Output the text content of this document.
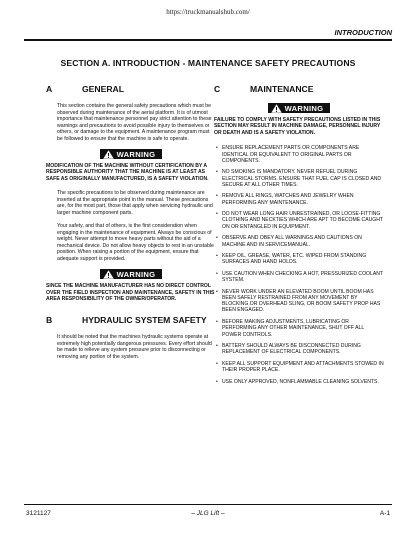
https://truckmanualshub.com/
INTRODUCTION
SECTION A. INTRODUCTION - MAINTENANCE SAFETY PRECAUTIONS
A	GENERAL

This section contains the general safety precautions which must be observed during maintenance of the aerial platform. It is of utmost importance that maintenance personnel pay strict attention to these warnings and precautions to avoid possible injury to themselves or others, or damage to the equipment. A maintenance program must be followed to ensure that the machine is safe to operate.

WARNING

MODIFICATION OF THE MACHINE WITHOUT CERTIFICATION BY A RESPONSIBLE AUTHORITY THAT THE MACHINE IS AT LEAST AS SAFE AS ORIGINALLY MANUFACTURED, IS A SAFETY VIOLATION.

The specific precautions to be observed during maintenance are inserted at the appropriate point in the manual. These precautions are, for the most part, those that apply when servicing hydraulic and larger machine component parts.

Your safety, and that of others, is the first consideration when engaging in the maintenance of equipment. Always be conscious of weight. Never attempt to move heavy parts without the aid of a mechanical device. Do not allow heavy objects to rest in an unstable position. When raising a portion of the equipment, ensure that adequate support is provided.

WARNING

SINCE THE MACHINE MANUFACTURER HAS NO DIRECT CONTROL OVER THE FIELD INSPECTION AND MAINTENANCE, SAFETY IN THIS AREA RESPONSIBILITY OF THE OWNER/OPERATOR.

B	HYDRAULIC SYSTEM SAFETY

It should be noted that the machines hydraulic systems operate at extremely high potentially dangerous pressures. Every effort should be made to relieve any system pressure prior to disconnecting or removing any portion of the system.

C	MAINTENANCE
WARNING

FAILURE TO COMPLY WITH SAFETY PRECAUTIONS LISTED IN THIS SECTION MAY RESULT IN MACHINE DAMAGE, PERSONNEL INJURY OR DEATH AND IS A SAFETY VIOLATION.

• ENSURE REPLACEMENT PARTS OR COMPONENTS ARE IDENTICAL OR EQUIVALENT TO ORIGINAL PARTS OR COMPONENTS.
• NO SMOKING IS MANDATORY. NEVER REFUEL DURING ELECTRICAL STORMS. ENSURE THAT FUEL CAP IS CLOSED AND SECURE AT ALL OTHER TIMES.
• REMOVE ALL RINGS, WATCHES AND JEWELRY WHEN PERFORMING ANY MAINTENANCE.
• DO NOT WEAR LONG HAIR UNRESTRAINED, OR LOOSE-FITTING CLOTHING AND NECKTIES WHICH ARE APT TO BECOME CAUGHT ON OR ENTANGLED IN EQUIPMENT.
• OBSERVE AND OBEY ALL WARNINGS AND CAUTIONS ON MACHINE AND IN SERVICEMANUAL.
• KEEP OIL, GREASE, WATER, ETC. WIPED FROM STANDING SURFACES AND HAND HOLDS.
• USE CAUTION WHEN CHECKING A HOT, PRESSURIZED COOLANT SYSTEM.
• NEVER WORK UNDER AN ELEVATED BOOM UNTIL BOOM HAS BEEN SAFELY RESTRAINED FROM ANY MOVEMENT BY BLOCKING OR OVERHEAD SLING, OR BOOM SAFETY PROP HAS BEEN ENGAGED.
• BEFORE MAKING ADJUSTMENTS, LUBRICATING OR PERFORMING ANY OTHER MAINTENANCE, SHUT OFF ALL POWER CONTROLS.
• BATTERY SHOULD ALWAYS BE DISCONNECTED DURING REPLACEMENT OF ELECTRICAL COMPONENTS.
• KEEP ALL SUPPORT EQUIPMENT AND ATTACHMENTS STOWED IN THEIR PROPER PLACE.
• USE ONLY APPROVED, NONFLAMMABLE CLEANING SOLVENTS.
3121127	– JLG Lift –	A-1
